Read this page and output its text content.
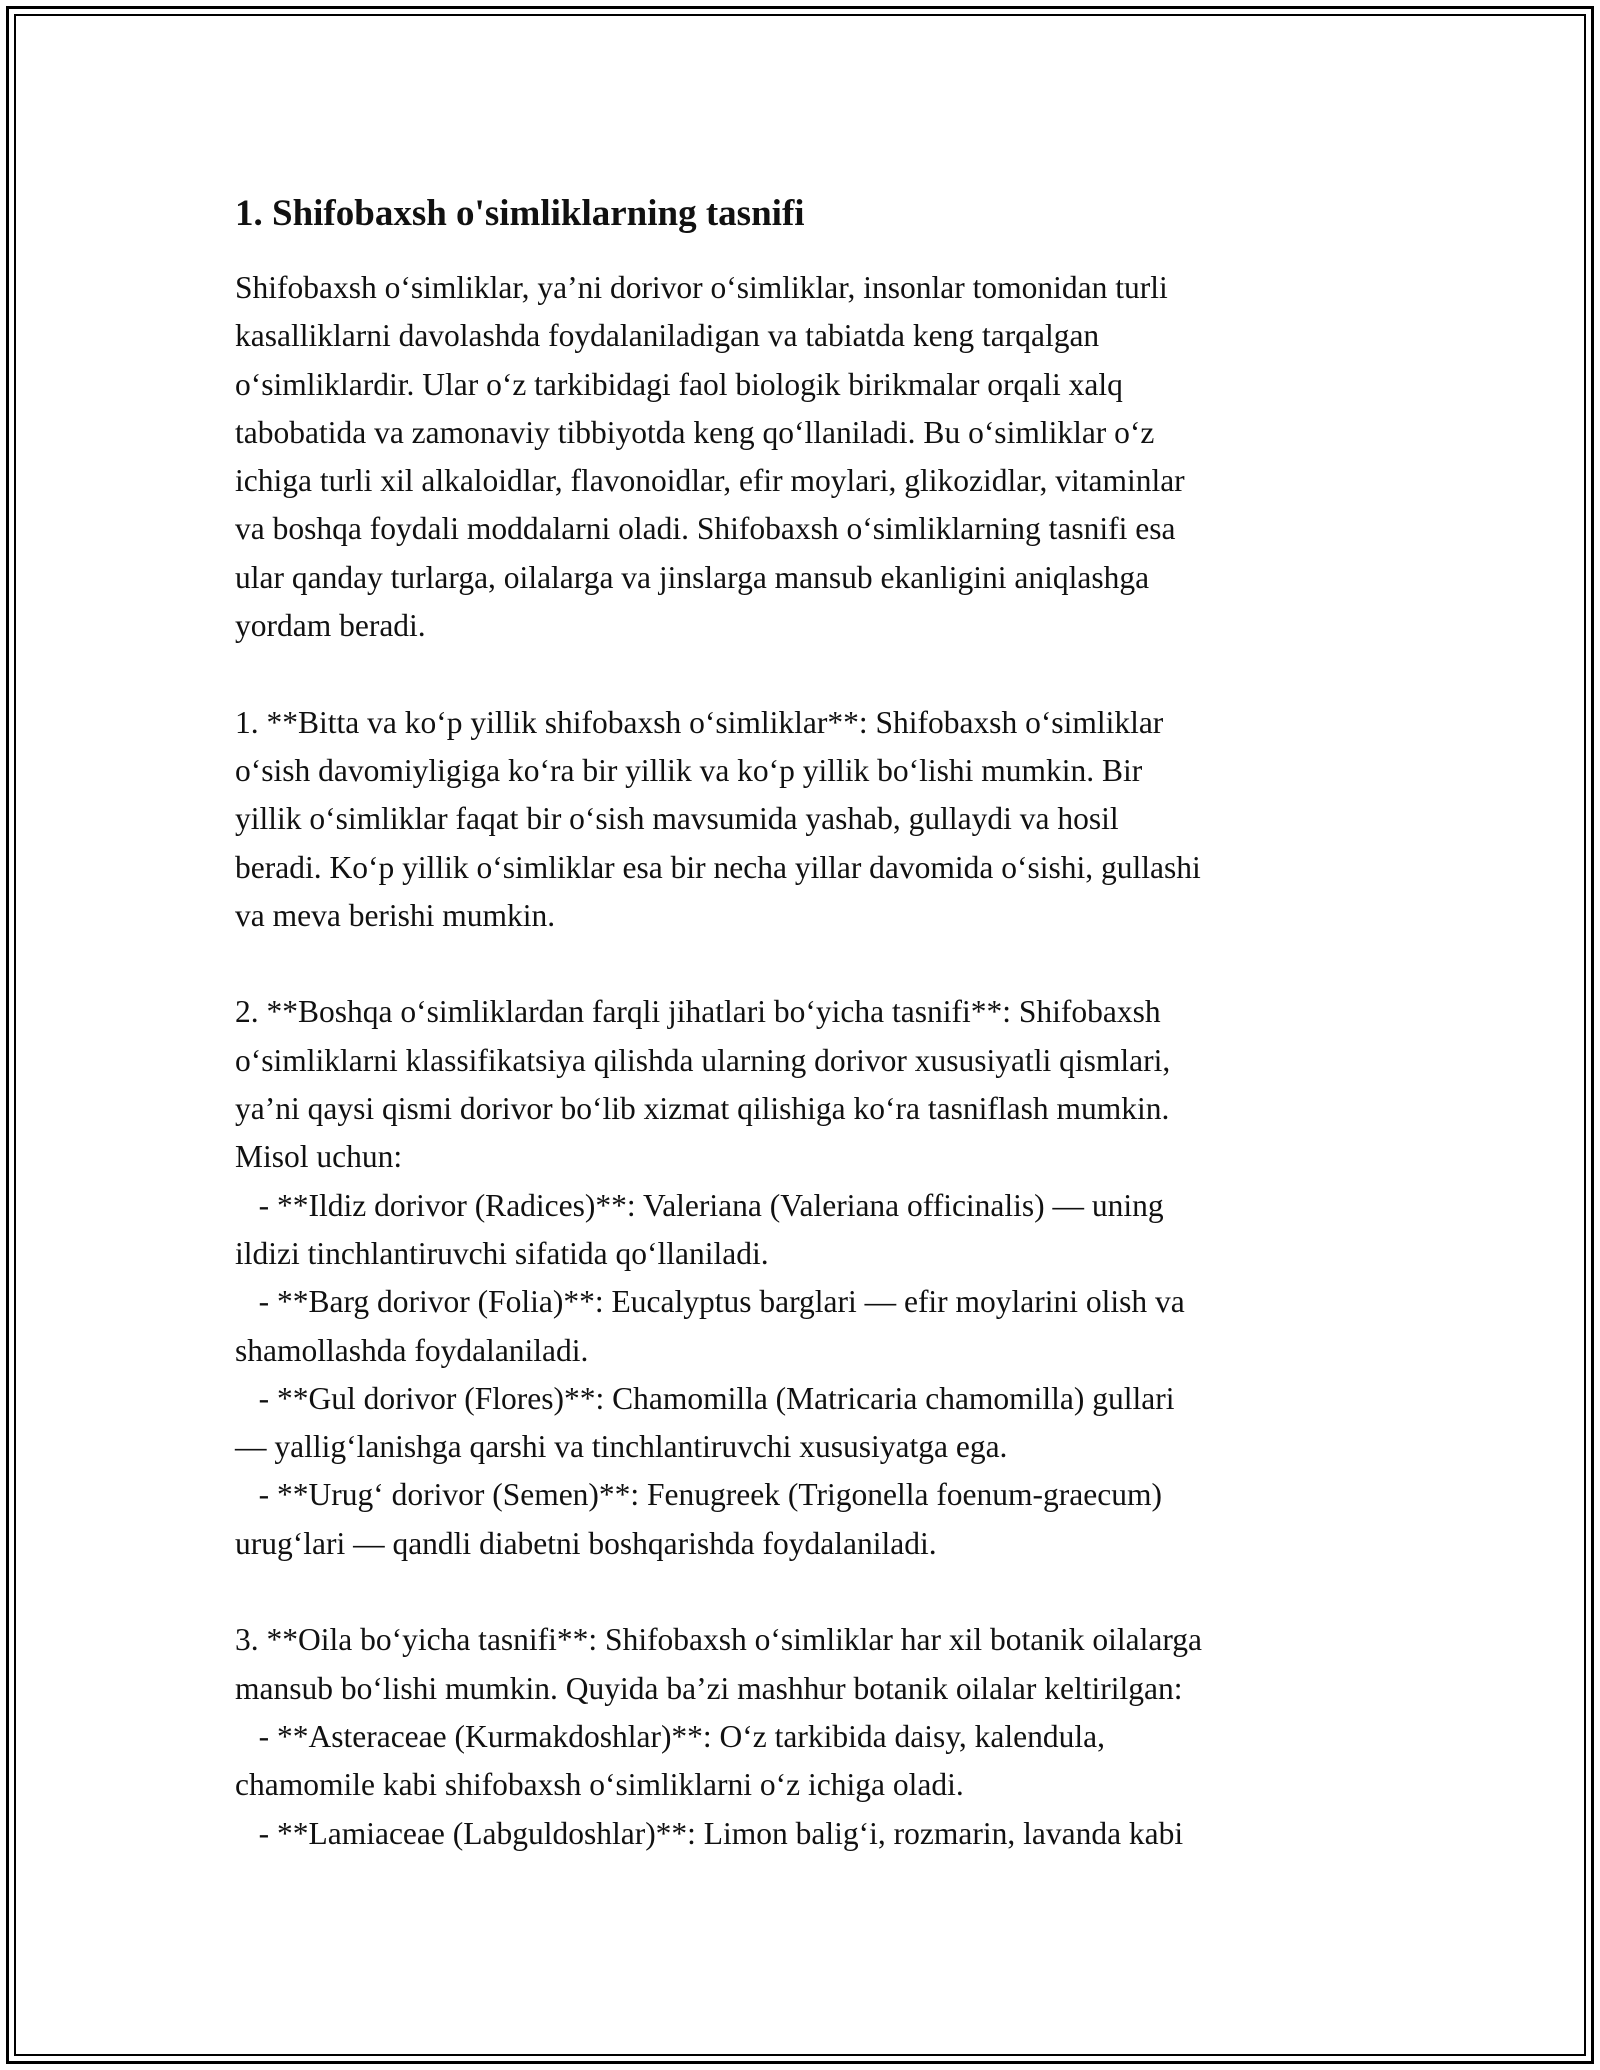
1. Shifobaxsh o'simliklarning tasnifi
Shifobaxsh o‘simliklar, ya’ni dorivor o‘simliklar, insonlar tomonidan turli
kasalliklarni davolashda foydalaniladigan va tabiatda keng tarqalgan
o‘simliklardir. Ular o‘z tarkibidagi faol biologik birikmalar orqali xalq
tabobatida va zamonaviy tibbiyotda keng qo‘llaniladi. Bu o‘simliklar o‘z
ichiga turli xil alkaloidlar, flavonoidlar, efir moylari, glikozidlar, vitaminlar
va boshqa foydali moddalarni oladi. Shifobaxsh o‘simliklarning tasnifi esa
ular qanday turlarga, oilalarga va jinslarga mansub ekanligini aniqlashga
yordam beradi.
1. **Bitta va ko‘p yillik shifobaxsh o‘simliklar**: Shifobaxsh o‘simliklar
o‘sish davomiyligiga ko‘ra bir yillik va ko‘p yillik bo‘lishi mumkin. Bir
yillik o‘simliklar faqat bir o‘sish mavsumida yashab, gullaydi va hosil
beradi. Ko‘p yillik o‘simliklar esa bir necha yillar davomida o‘sishi, gullashi
va meva berishi mumkin.
2. **Boshqa o‘simliklardan farqli jihatlari bo‘yicha tasnifi**: Shifobaxsh
o‘simliklarni klassifikatsiya qilishda ularning dorivor xususiyatli qismlari,
ya’ni qaysi qismi dorivor bo‘lib xizmat qilishiga ko‘ra tasniflash mumkin.
Misol uchun:
- **Ildiz dorivor (Radices)**: Valeriana (Valeriana officinalis) — uning
ildizi tinchlantiruvchi sifatida qo‘llaniladi.
- **Barg dorivor (Folia)**: Eucalyptus barglari — efir moylarini olish va
shamollashda foydalaniladi.
- **Gul dorivor (Flores)**: Chamomilla (Matricaria chamomilla) gullari
— yallig‘lanishga qarshi va tinchlantiruvchi xususiyatga ega.
- **Urug‘ dorivor (Semen)**: Fenugreek (Trigonella foenum-graecum)
urug‘lari — qandli diabetni boshqarishda foydalaniladi.
3. **Oila bo‘yicha tasnifi**: Shifobaxsh o‘simliklar har xil botanik oilalarga
mansub bo‘lishi mumkin. Quyida ba’zi mashhur botanik oilalar keltirilgan:
- **Asteraceae (Kurmakdoshlar)**: O‘z tarkibida daisy, kalendula,
chamomile kabi shifobaxsh o‘simliklarni o‘z ichiga oladi.
- **Lamiaceae (Labguldoshlar)**: Limon balig‘i, rozmarin, lavanda kabi
